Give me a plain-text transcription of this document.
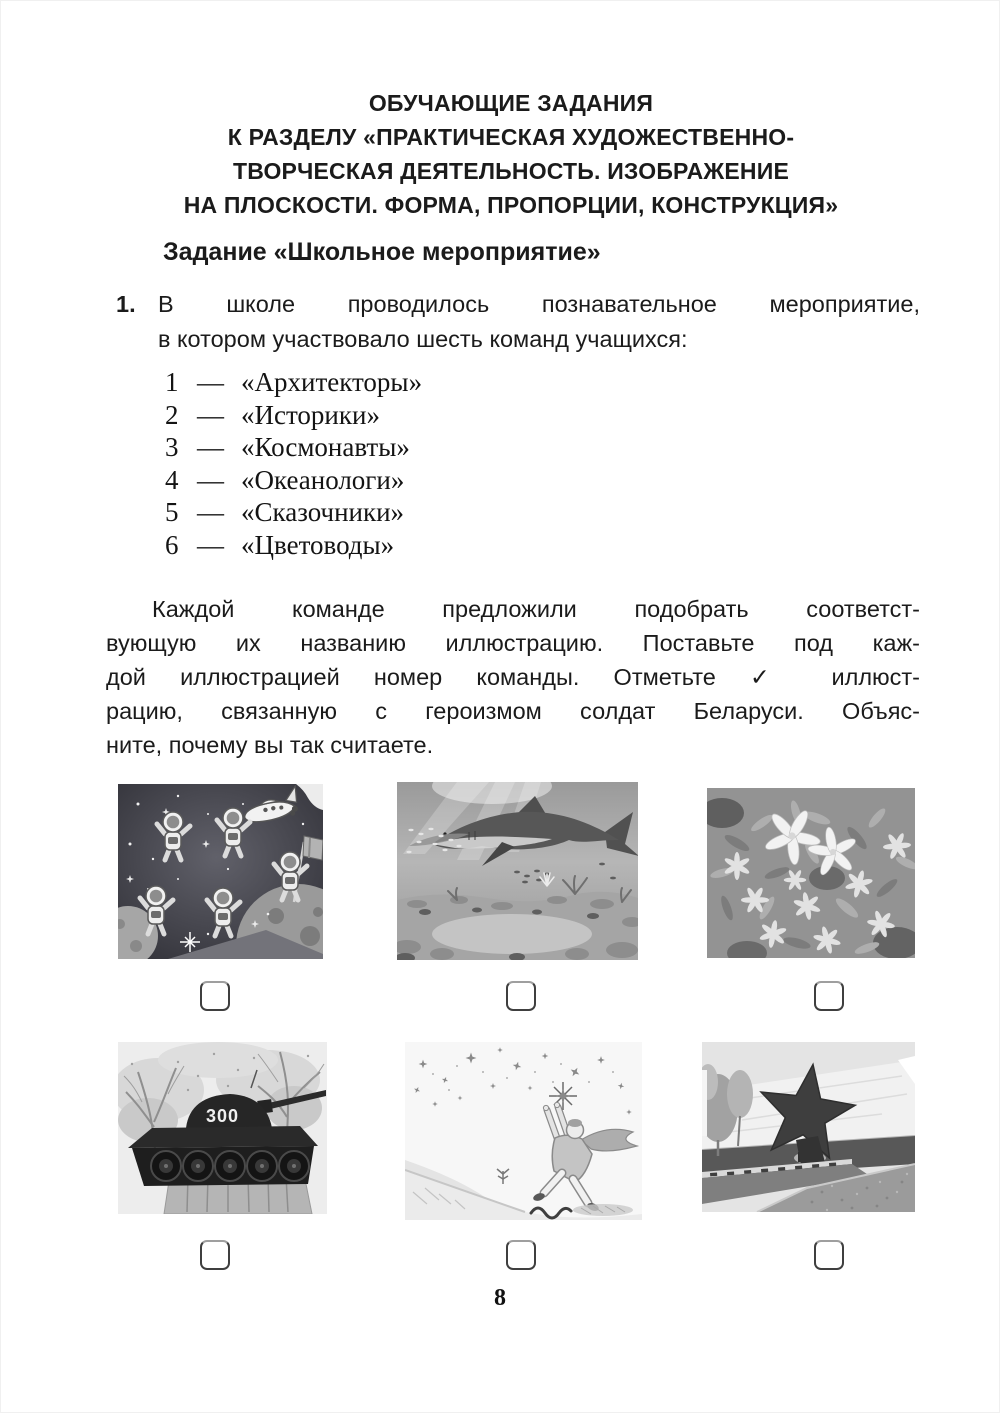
ОБУЧАЮЩИЕ ЗАДАНИЯ
К РАЗДЕЛУ «ПРАКТИЧЕСКАЯ ХУДОЖЕСТВЕННО-
ТВОРЧЕСКАЯ ДЕЯТЕЛЬНОСТЬ. ИЗОБРАЖЕНИЕ
НА ПЛОСКОСТИ. ФОРМА, ПРОПОРЦИИ, КОНСТРУКЦИЯ»
Задание «Школьное мероприятие»
1. В школе проводилось познавательное мероприятие,
в котором участвовало шесть команд учащихся:
1 — «Архитекторы»
2 — «Историки»
3 — «Космонавты»
4 — «Океанологи»
5 — «Сказочники»
6 — «Цветоводы»
Каждой команде предложили подобрать соответст-
вующую их названию иллюстрацию. Поставьте под каж-
дой иллюстрацией номер команды. Отметьте ✓ иллюст-
рацию, связанную с героизмом солдат Беларуси. Объяс-
ните, почему вы так считаете.
300
8
